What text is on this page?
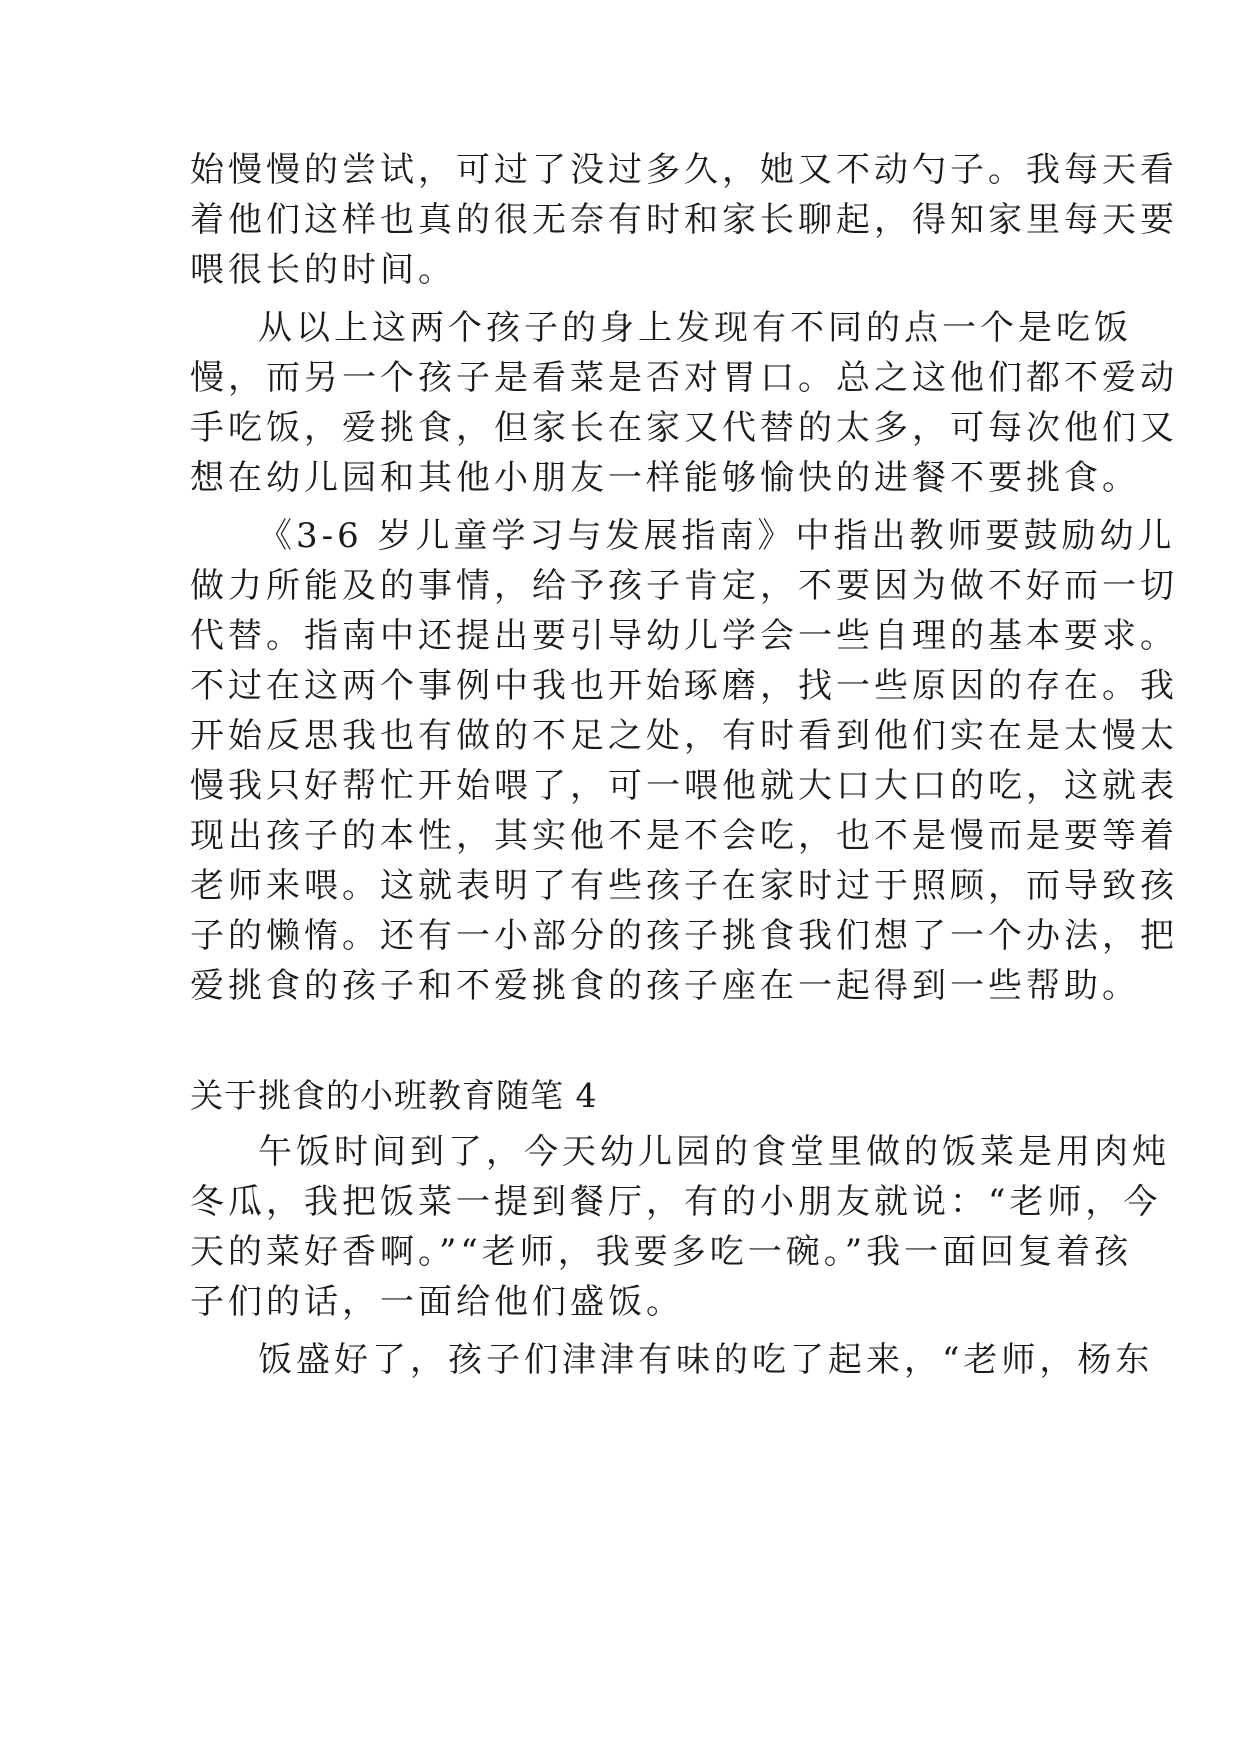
始慢慢的尝试，可过了没过多久，她又不动勺子。我每天看
着他们这样也真的很无奈有时和家长聊起，得知家里每天要
喂很长的时间。
从以上这两个孩子的身上发现有不同的点一个是吃饭
慢，而另一个孩子是看菜是否对胃口。总之这他们都不爱动
手吃饭，爱挑食，但家长在家又代替的太多，可每次他们又
想在幼儿园和其他小朋友一样能够愉快的进餐不要挑食。
《3-6 岁儿童学习与发展指南》中指出教师要鼓励幼儿
做力所能及的事情，给予孩子肯定，不要因为做不好而一切
代替。指南中还提出要引导幼儿学会一些自理的基本要求。
不过在这两个事例中我也开始琢磨，找一些原因的存在。我
开始反思我也有做的不足之处，有时看到他们实在是太慢太
慢我只好帮忙开始喂了，可一喂他就大口大口的吃，这就表
现出孩子的本性，其实他不是不会吃，也不是慢而是要等着
老师来喂。这就表明了有些孩子在家时过于照顾，而导致孩
子的懒惰。还有一小部分的孩子挑食我们想了一个办法，把
爱挑食的孩子和不爱挑食的孩子座在一起得到一些帮助。
关于挑食的小班教育随笔 4
午饭时间到了，今天幼儿园的食堂里做的饭菜是用肉炖
冬瓜，我把饭菜一提到餐厅，有的小朋友就说：“老师，今
天的菜好香啊。”“老师，我要多吃一碗。”我一面回复着孩
子们的话，一面给他们盛饭。
饭盛好了，孩子们津津有味的吃了起来，“老师，杨东
